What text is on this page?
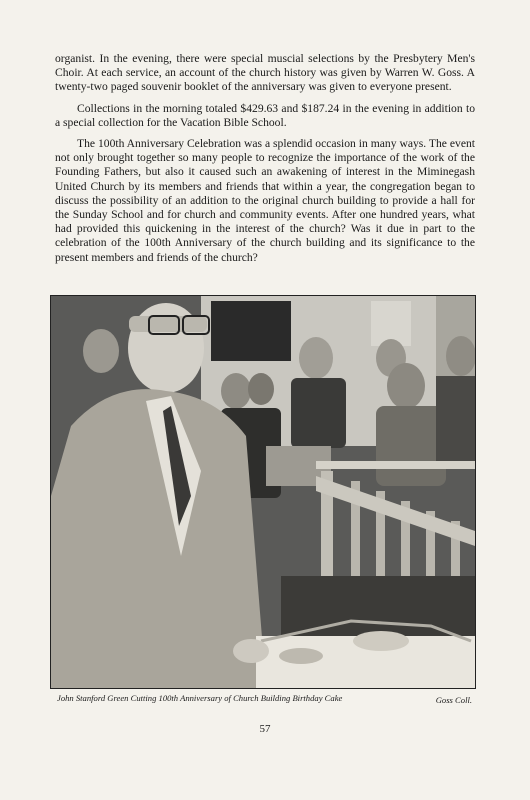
organist. In the evening, there were special muscial selections by the Presbytery Men's Choir. At each service, an account of the church history was given by Warren W. Goss. A twenty-two paged souvenir booklet of the anniversary was given to everyone present.

Collections in the morning totaled $429.63 and $187.24 in the evening in addition to a special collection for the Vacation Bible School.

The 100th Anniversary Celebration was a splendid occasion in many ways. The event not only brought together so many people to recognize the importance of the work of the Founding Fathers, but also it caused such an awakening of interest in the Miminegash United Church by its members and friends that within a year, the congregation began to discuss the possibility of an addition to the original church building to provide a hall for the Sunday School and for church and community events. After one hundred years, what had provided this quickening in the interest of the church? Was it due in part to the celebration of the 100th Anniversary of the church building and its significance to the present members and friends of the church?

John Stanford Green Cutting 100th Anniversary of Church Building Birthday Cake	Goss Coll.
57
